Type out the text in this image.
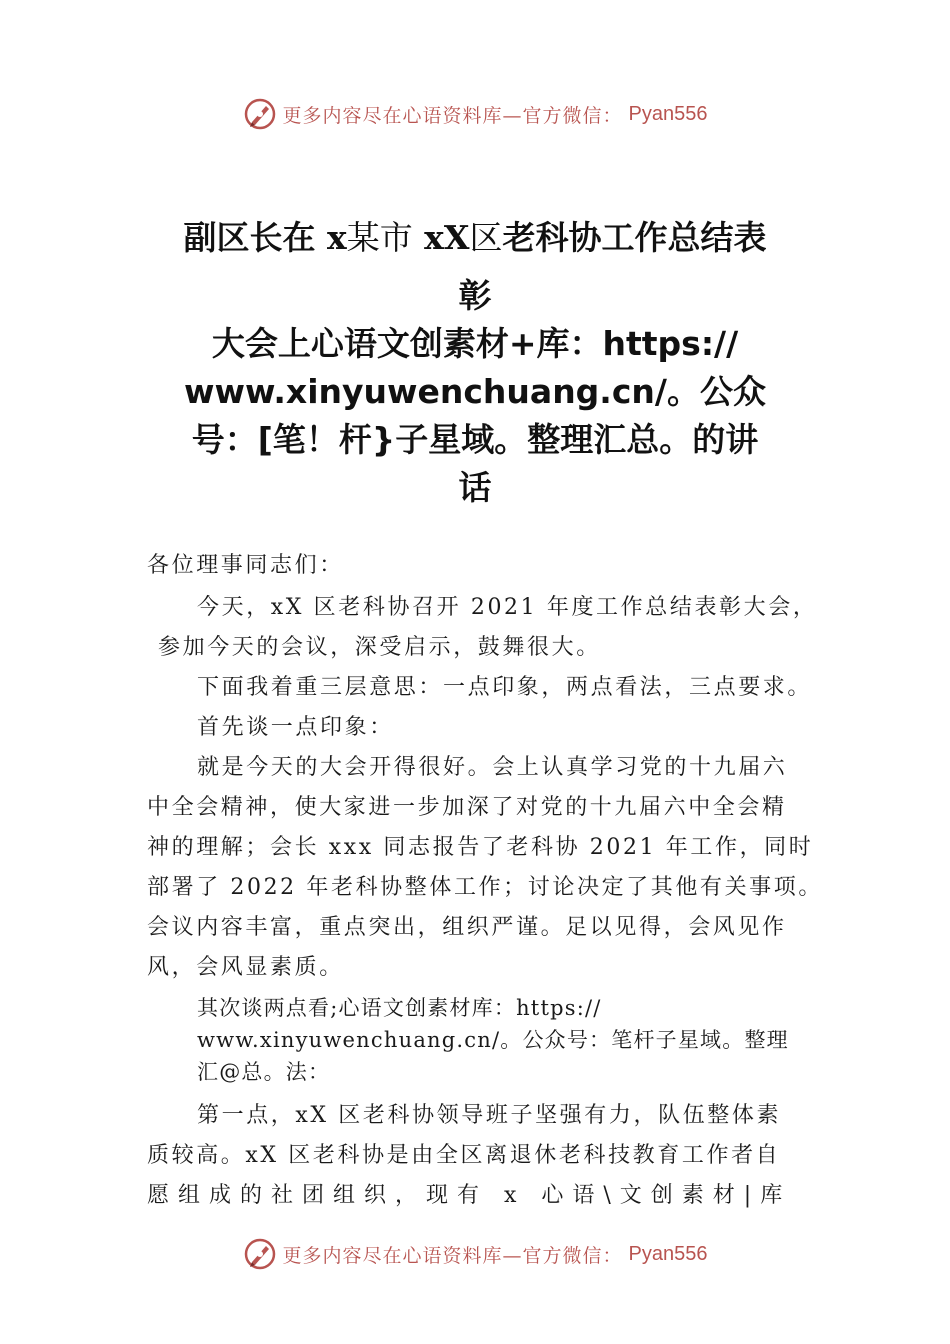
更多内容尽在心语资料库—官方微信： Pyan556
副区长在 x某市 xX区老科协工作总结表
彰
大会上心语文创素材+库：https://
www.xinyuwenchuang.cn/。公众
号：[笔！杆}子星域。整理汇总。的讲
话
各位理事同志们：
今天，xX 区老科协召开 2021 年度工作总结表彰大会，
参加今天的会议，深受启示，鼓舞很大。
下面我着重三层意思：一点印象，两点看法，三点要求。
首先谈一点印象：
就是今天的大会开得很好。会上认真学习党的十九届六
中全会精神，使大家进一步加深了对党的十九届六中全会精
神的理解；会长 xxx 同志报告了老科协 2021 年工作，同时
部署了 2022 年老科协整体工作；讨论决定了其他有关事项。
会议内容丰富，重点突出，组织严谨。足以见得，会风见作
风，会风显素质。
其次谈两点看;心语文创素材库：https://
www.xinyuwenchuang.cn/。公众号：笔杆子星域。整理
汇@总。法：
第一点，xX 区老科协领导班子坚强有力，队伍整体素
质较高。xX 区老科协是由全区离退休老科技教育工作者自
愿组成的社团组织，现有 x 心语\文创素材|库
更多内容尽在心语资料库—官方微信： Pyan556
